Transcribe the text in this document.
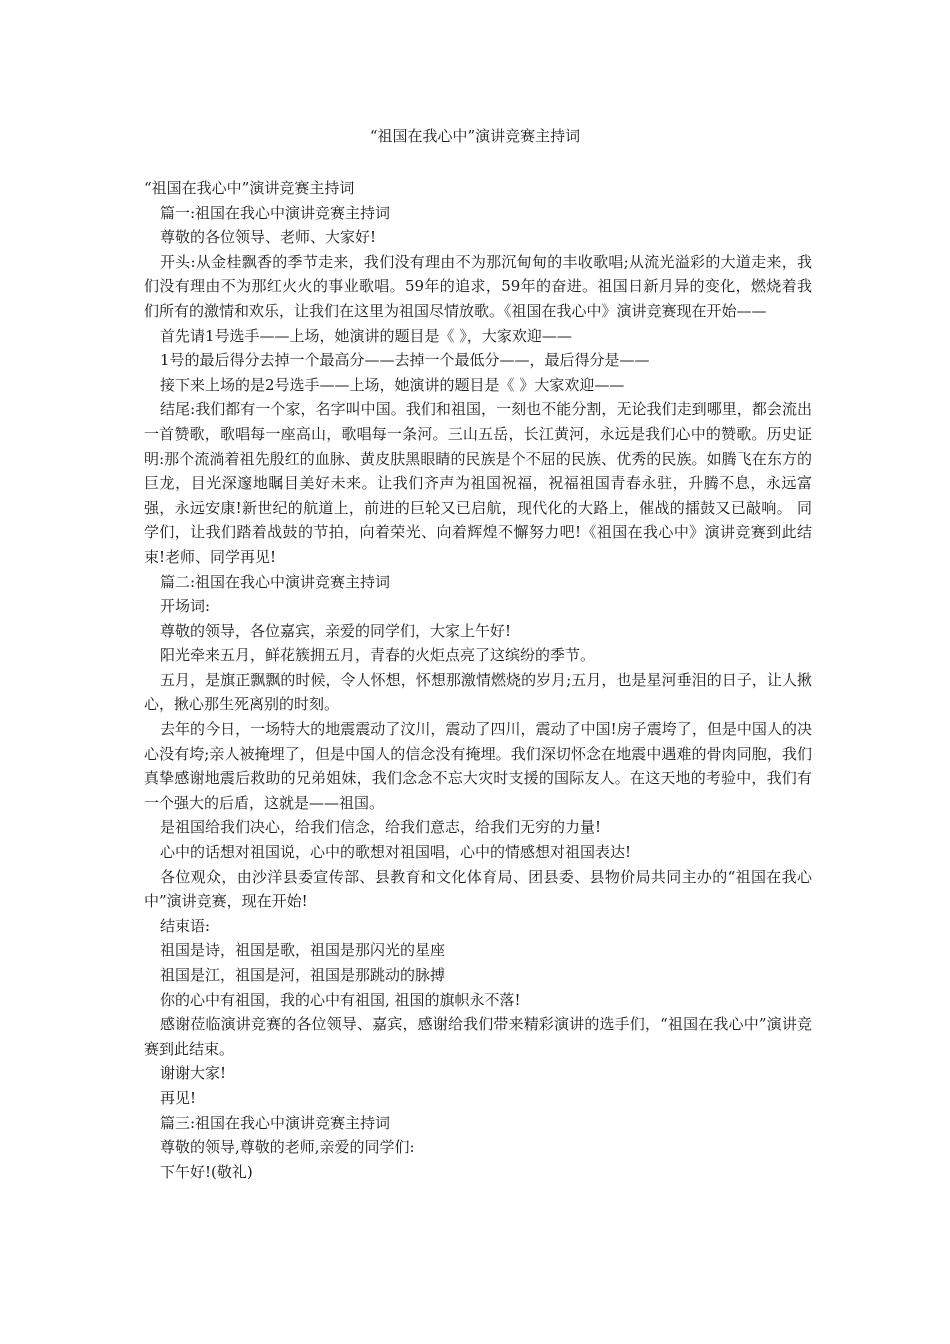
“祖国在我心中”演讲竞赛主持词

“祖国在我心中”演讲竞赛主持词

篇一:祖国在我心中演讲竞赛主持词

尊敬的各位领导、老师、大家好!

开头:从金桂飘香的季节走来，我们没有理由不为那沉甸甸的丰收歌唱;从流光溢彩的大道走来，我们没有理由不为那红火火的事业歌唱。59年的追求，59年的奋进。祖国日新月异的变化，燃烧着我们所有的激情和欢乐，让我们在这里为祖国尽情放歌。《祖国在我心中》演讲竞赛现在开始——

首先请1号选手——上场，她演讲的题目是《 》，大家欢迎——

1号的最后得分去掉一个最高分——去掉一个最低分——，最后得分是——

接下来上场的是2号选手——上场，她演讲的题目是《 》大家欢迎——

结尾:我们都有一个家，名字叫中国。我们和祖国，一刻也不能分割，无论我们走到哪里，都会流出一首赞歌，歌唱每一座高山，歌唱每一条河。三山五岳，长江黄河，永远是我们心中的赞歌。历史证明:那个流淌着祖先殷红的血脉、黄皮肤黑眼睛的民族是个不屈的民族、优秀的民族。如腾飞在东方的巨龙，目光深邃地瞩目美好未来。让我们齐声为祖国祝福，祝福祖国青春永驻，升腾不息，永远富强，永远安康!新世纪的航道上，前进的巨轮又已启航，现代化的大路上，催战的擂鼓又已敲响。 同学们，让我们踏着战鼓的节拍，向着荣光、向着辉煌不懈努力吧!《祖国在我心中》演讲竞赛到此结束!老师、同学再见!

篇二:祖国在我心中演讲竞赛主持词

开场词:

尊敬的领导，各位嘉宾，亲爱的同学们，大家上午好!

阳光牵来五月，鲜花簇拥五月，青春的火炬点亮了这缤纷的季节。

五月，是旗正飘飘的时候，令人怀想，怀想那激情燃烧的岁月;五月，也是星河垂泪的日子，让人揪心，揪心那生死离别的时刻。

去年的今日，一场特大的地震震动了汶川，震动了四川，震动了中国!房子震垮了，但是中国人的决心没有垮;亲人被掩埋了，但是中国人的信念没有掩埋。我们深切怀念在地震中遇难的骨肉同胞，我们真挚感谢地震后救助的兄弟姐妹，我们念念不忘大灾时支援的国际友人。在这天地的考验中，我们有一个强大的后盾，这就是——祖国。

是祖国给我们决心，给我们信念，给我们意志，给我们无穷的力量!

心中的话想对祖国说，心中的歌想对祖国唱，心中的情感想对祖国表达!

各位观众，由沙洋县委宣传部、县教育和文化体育局、团县委、县物价局共同主办的“祖国在我心中”演讲竞赛，现在开始!

结束语:

祖国是诗，祖国是歌，祖国是那闪光的星座

祖国是江，祖国是河，祖国是那跳动的脉搏

你的心中有祖国，我的心中有祖国, 祖国的旗帜永不落!

感谢莅临演讲竞赛的各位领导、嘉宾，感谢给我们带来精彩演讲的选手们，“祖国在我心中”演讲竞赛到此结束。

谢谢大家!

再见!

篇三:祖国在我心中演讲竞赛主持词

尊敬的领导,尊敬的老师,亲爱的同学们:

下午好!(敬礼)
